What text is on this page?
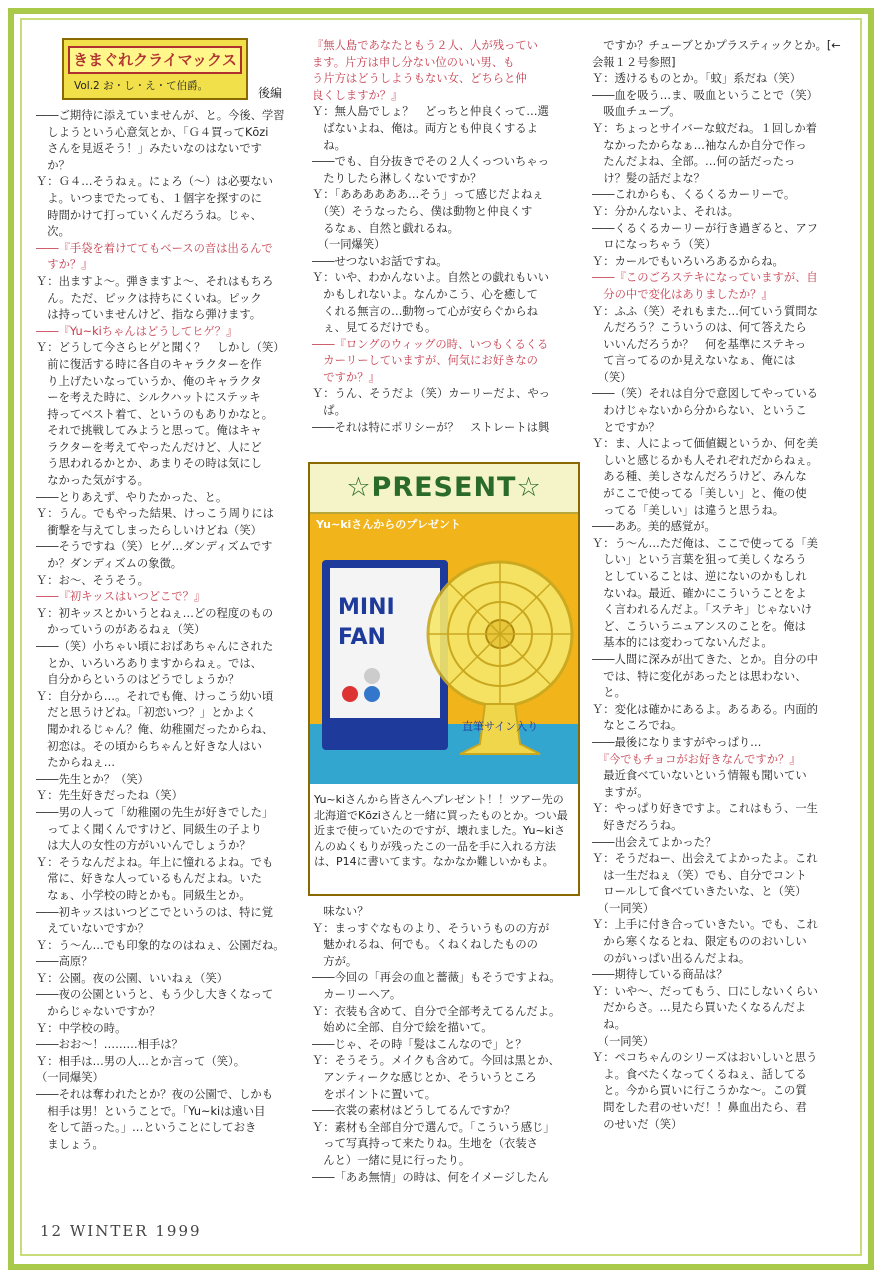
きまぐれクライマックス
Vol.2 お・し・え・て伯爵。	後編

――ご期待に添えていませんが、と。今後、学習

　しようという心意気とか、「Ｇ４買ってKōzi

　さんを見返そう！」みたいなのはないです

　か？

Ｙ：Ｇ４…そうねぇ。にょろ（～）は必要ない

　よ。いつまでたっても、１個字を探すのに

　時間かけて打っていくんだろうね。じゃ、

　次。

――『手袋を着けててもベースの音は出るんで

　すか？』

Ｙ：出ますよ～。弾きますよ～、それはもちろ

　ん。ただ、ピックは持ちにくいね。ピック

　は持っていませんけど、指なら弾けます。

――『Yu~kiちゃんはどうしてヒゲ？』

Ｙ：どうして今さらヒゲと聞く？　しかし（笑）

　前に復活する時に各自のキャラクターを作

　り上げたいなっていうか、俺のキャラクタ

　ーを考えた時に、シルクハットにステッキ

　持ってベスト着て、というのもありかなと。

　それで挑戦してみようと思って。俺はキャ

　ラクターを考えてやったんだけど、人にど

　う思われるかとか、あまりその時は気にし

　なかった気がする。

――とりあえず、やりたかった、と。

Ｙ：うん。でもやった結果、けっこう周りには

　衝撃を与えてしまったらしいけどね（笑）

――そうですね（笑）ヒゲ…ダンディズムです

　か？ダンディズムの象徴。

Ｙ：お～、そうそう。

――『初キッスはいつどこで？』

Ｙ：初キッスとかいうとねぇ…どの程度のもの

　かっていうのがあるねぇ（笑）

――（笑）小ちゃい頃におばあちゃんにされた

　とか、いろいろありますからねぇ。では、

　自分からというのはどうでしょうか？

Ｙ：自分から…。それでも俺、けっこう幼い頃

　だと思うけどね。「初恋いつ？」とかよく

　聞かれるじゃん？俺、幼稚園だったからね、

　初恋は。その頃からちゃんと好きな人はい

　たからねぇ…

――先生とか？（笑）

Ｙ：先生好きだったね（笑）

――男の人って「幼稚園の先生が好きでした」

　ってよく聞くんですけど、同級生の子より

　は大人の女性の方がいいんでしょうか？

Ｙ：そうなんだよね。年上に憧れるよね。でも

　常に、好きな人っているもんだよね。いた

　なぁ、小学校の時とかも。同級生とか。

――初キッスはいつどこでというのは、特に覚

　えていないですか？

Ｙ：う～ん…でも印象的なのはねぇ、公園だね。

――高原？

Ｙ：公園。夜の公園、いいねぇ（笑）

――夜の公園というと、もう少し大きくなって

　からじゃないですか？

Ｙ：中学校の時。

――おお～！………相手は？

Ｙ：相手は…男の人…とか言って（笑）。

（一同爆笑）

――それは奪われたとか？夜の公園で、しかも

　相手は男！ということで。「Yu~kiは遠い目

　をして語った。」…ということにしておき

　ましょう。

『無人島であなたともう２人、人が残ってい

ます。片方は申し分ない位のいい男、も

う片方はどうしようもない女、どちらと仲

良くしますか？』

Ｙ：無人島でしょ？　どっちと仲良くって…選

　ばないよね、俺は。両方とも仲良くするよ

　ね。

――でも、自分抜きでその２人くっついちゃっ

　たりしたら淋しくないですか？

Ｙ：「ああああああ…そう」って感じだよねぇ

　（笑）そうなったら、僕は動物と仲良くす

　るなぁ、自然と戯れるね。

　（一同爆笑）

――せつないお話ですね。

Ｙ：いや、わかんないよ。自然との戯れもいい

　かもしれないよ。なんかこう、心を癒して

　くれる無言の…動物って心が安らぐからね

　ぇ、見てるだけでも。

――『ロングのウィッグの時、いつもくるくる

　カーリーしていますが、何気にお好きなの

　ですか？』

Ｙ：うん、そうだよ（笑）カーリーだよ、やっ

　ぱ。

――それは特にポリシーが？　ストレートは興

　味ない？

Ｙ：まっすぐなものより、そういうものの方が

　魅かれるね、何でも。くねくねしたものの

　方が。

――今回の「再会の血と薔薇」もそうですよね。

　カーリーヘア。

Ｙ：衣装も含めて、自分で全部考えてるんだよ。

　始めに全部、自分で絵を描いて。

――じゃ、その時「髪はこんなので」と？

Ｙ：そうそう。メイクも含めて。今回は黒とか、

　アンティークな感じとか、そういうところ

　をポイントに置いて。

――衣裳の素材はどうしてるんですか？

Ｙ：素材も全部自分で選んで。「こういう感じ」

　って写真持って来たりね。生地を（衣装さ

　んと）一緒に見に行ったり。

――「ああ無情」の時は、何をイメージしたん

　ですか？チューブとかプラスティックとか。[←会報１２号参照]

Ｙ：透けるものとか。「蚊」系だね（笑）

――血を吸う…ま、吸血ということで（笑）

　吸血チューブ。

Ｙ：ちょっとサイバーな蚊だね。１回しか着

　なかったからなぁ…袖なんか自分で作っ

　たんだよね、全部。…何の話だったっ

　け？髪の話だよな？

――これからも、くるくるカーリーで。

Ｙ：分かんないよ、それは。

――くるくるカーリーが行き過ぎると、アフ

　ロになっちゃう（笑）

Ｙ：カールでもいろいろあるからね。

――『このごろステキになっていますが、自

　分の中で変化はありましたか？』

Ｙ：ふふ（笑）それもまた…何ていう質問な

　んだろう？こういうのは、何て答えたら

　いいんだろうか？　何を基準にステキっ

　て言ってるのか見えないなぁ、俺には

　（笑）

――（笑）それは自分で意図してやっている

　わけじゃないから分からない、というこ

　とですか？

Ｙ：ま、人によって価値観というか、何を美

　しいと感じるかも人それぞれだからねぇ。

　ある種、美しさなんだろうけど、みんな

　がここで使ってる「美しい」と、俺の使

　ってる「美しい」は違うと思うね。

――ああ。美的感覚が。

Ｙ：う～ん…ただ俺は、ここで使ってる「美

　しい」という言葉を狙って美しくなろう

　としていることは、逆にないのかもしれ

　ないね。最近、確かにこういうことをよ

　く言われるんだよ。「ステキ」じゃないけ

　ど、こういうニュアンスのことを。俺は

　基本的には変わってないんだよ。

――人間に深みが出てきた、とか。自分の中

　では、特に変化があったとは思わない、

　と。

Ｙ：変化は確かにあるよ。あるある。内面的

　なところでね。

――最後になりますがやっぱり…

　『今でもチョコがお好きなんですか？』

　最近食べていないという情報も聞いてい

　ますが。

Ｙ：やっぱり好きですよ。これはもう、一生

　好きだろうね。

――出会えてよかった？

Ｙ：そうだねー、出会えてよかったよ。これ

　は一生だねぇ（笑）でも、自分でコント

　ロールして食べていきたいな、と（笑）

　（一同笑）

Ｙ：上手に付き合っていきたい。でも、これ

　から寒くなるとね、限定もののおいしい

　のがいっぱい出るんだよね。

――期待している商品は？

Ｙ：いや～、だってもう、口にしないくらい

　だからさ。…見たら買いたくなるんだよ

　ね。

　（一同笑）

Ｙ：ペコちゃんのシリーズはおいしいと思う

　よ。食べたくなってくるねぇ、話してる

　と。今から買いに行こうかな～。この質

　問をした君のせいだ！！鼻血出たら、君

　のせいだ（笑）

☆PRESENT☆
MINI
FAN
直筆サイン入り
Yu~kiさんからのプレゼント
Yu~kiさんから皆さんへプレゼント！！ツアー先の北海道でKōziさんと一緒に買ったものとか。つい最近まで使っていたのですが、壊れました。Yu~kiさんのぬくもりが残ったこの一品を手に入れる方法は、P14に書いてます。なかなか難しいかもよ。
12 WINTER 1999
